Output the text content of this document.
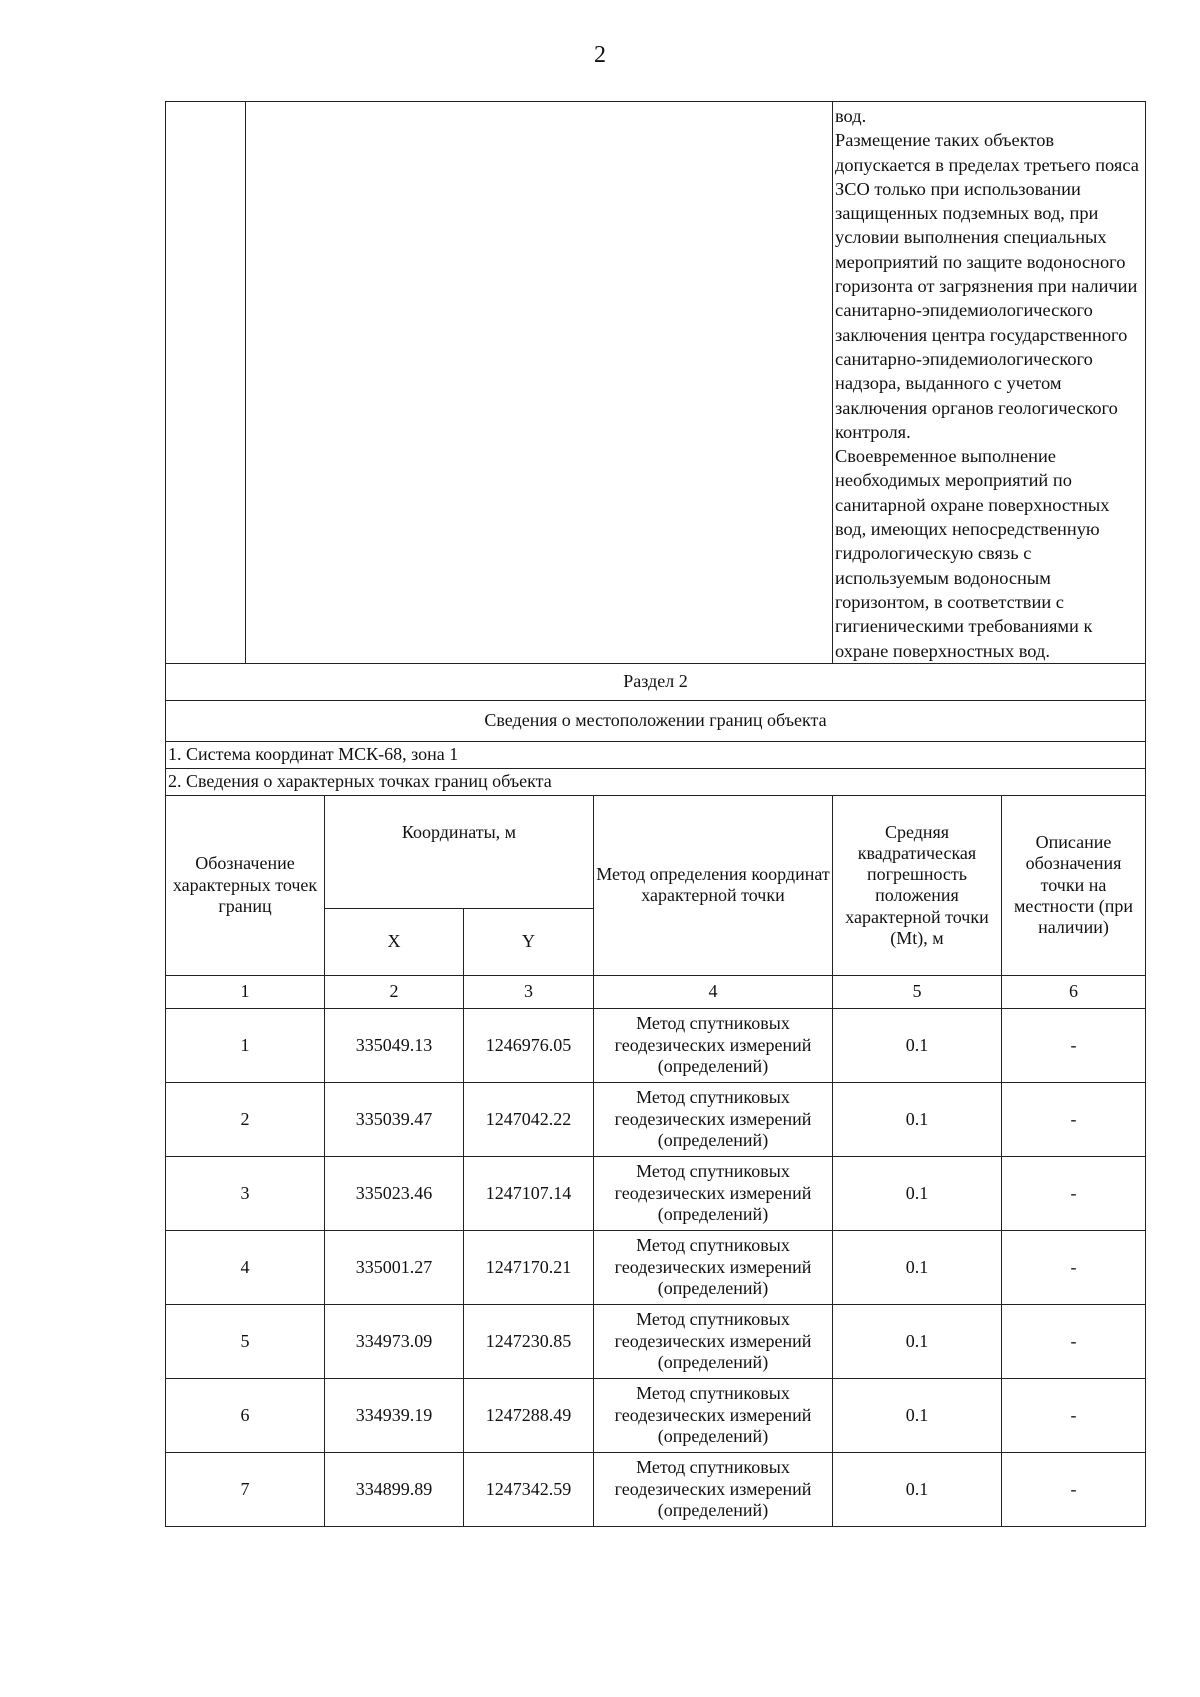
2

					вод.

Размещение таких объектов допускается в пределах третьего пояса ЗСО только при использовании защищенных подземных вод, при условии выполнения специальных мероприятий по защите водоносного горизонта от загрязнения при наличии санитарно-эпидемиологического заключения центра государственного санитарно-эпидемиологического надзора, выданного с учетом заключения органов геологического контроля.

Своевременное выполнение необходимых мероприятий по санитарной охране поверхностных вод, имеющих непосредственную гидрологическую связь с используемым водоносным горизонтом, в соответствии с гигиеническими требованиями к охране поверхностных вод.	

Раздел 2						
Сведения о местоположении границ объекта						
1. Система координат МСК-68, зона 1						
2. Сведения о характерных точках границ объекта						
Обозначение характерных точек границ		Координаты, м		Метод определения координат характерной точки	Средняя квадратическая погрешность положения характерной точки (Mt), м	Описание обозначения точки на местности (при наличии)
		X	Y			
1		2	3	4	5	6
1		335049.13	1246976.05	Метод спутниковых
геодезических измерений
(определений)	0.1	-
2		335039.47	1247042.22	Метод спутниковых
геодезических измерений
(определений)	0.1	-
3		335023.46	1247107.14	Метод спутниковых
геодезических измерений
(определений)	0.1	-
4		335001.27	1247170.21	Метод спутниковых
геодезических измерений
(определений)	0.1	-
5		334973.09	1247230.85	Метод спутниковых
геодезических измерений
(определений)	0.1	-
6		334939.19	1247288.49	Метод спутниковых
геодезических измерений
(определений)	0.1	-
7		334899.89	1247342.59	Метод спутниковых
геодезических измерений
(определений)	0.1	-
